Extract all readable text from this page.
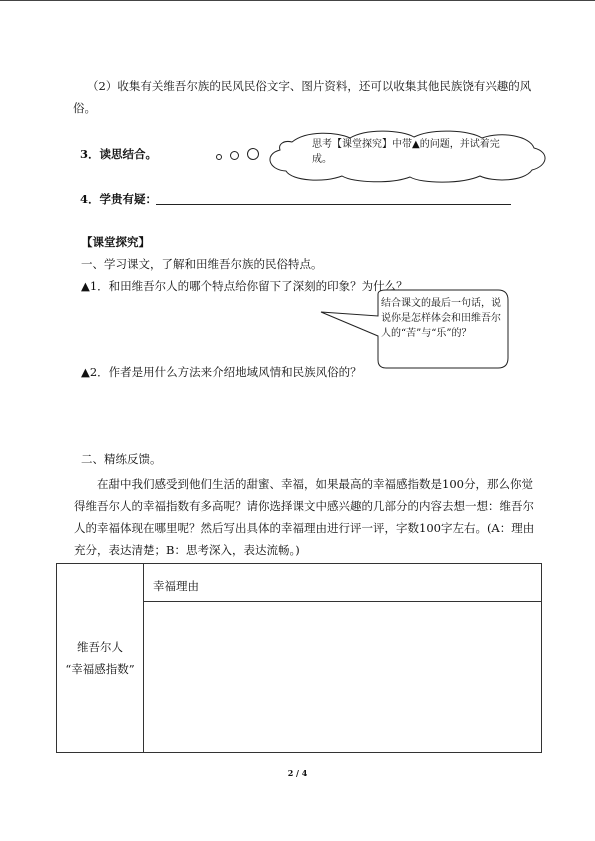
（2）收集有关维吾尔族的民风民俗文字、图片资料，还可以收集其他民族饶有兴趣的风
俗。
3．读思结合。
思考【课堂探究】中带▲的问题，并试着完成。
4．学贵有疑：
【课堂探究】
一、学习课文，了解和田维吾尔族的民俗特点。
▲1．和田维吾尔人的哪个特点给你留下了深刻的印象？为什么？
结合课文的最后一句话，说说你是怎样体会和田维吾尔人的“苦”与“乐”的？
▲2．作者是用什么方法来介绍地域风情和民族风俗的？
二、精练反馈。
在甜中我们感受到他们生活的甜蜜、幸福，如果最高的幸福感指数是100分，那么你觉得维吾尔人的幸福指数有多高呢？请你选择课文中感兴趣的几部分的内容去想一想：维吾尔人的幸福体现在哪里呢？然后写出具体的幸福理由进行评一评，字数100字左右。(A：理由充分，表达清楚；B：思考深入，表达流畅。)
维吾尔人
“幸福感指数”
	幸福理由

2 / 4
